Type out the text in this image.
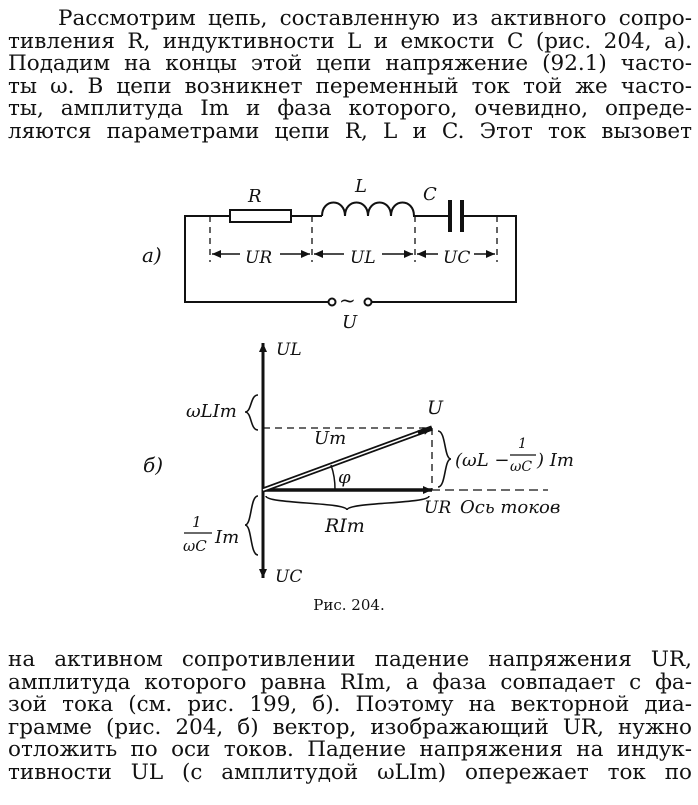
Рассмотрим цепь, составленную из активного сопро-
тивления R, индуктивности L и емкости C (рис. 204, а).
Подадим на концы этой цепи напряжение (92.1) часто-
ты ω. В цепи возникнет переменный ток той же часто-
ты, амплитуда Im и фаза которого, очевидно, опреде-
ляются параметрами цепи R, L и C. Этот ток вызовет
а)
R	L	C
UR	UL	UC
~
U
б)
UL
UC
ωLIm
1
ωC Im
U
Um
φ
RIm
UR Ось токов
(ωL −
1
ωC ) Im
Рис. 204.
на активном сопротивлении падение напряжения UR,
амплитуда которого равна RIm, а фаза совпадает с фа-
зой тока (см. рис. 199, б). Поэтому на векторной диа-
грамме (рис. 204, б) вектор, изображающий UR, нужно
отложить по оси токов. Падение напряжения на индук-
тивности UL (с амплитудой ωLIm) опережает ток по
